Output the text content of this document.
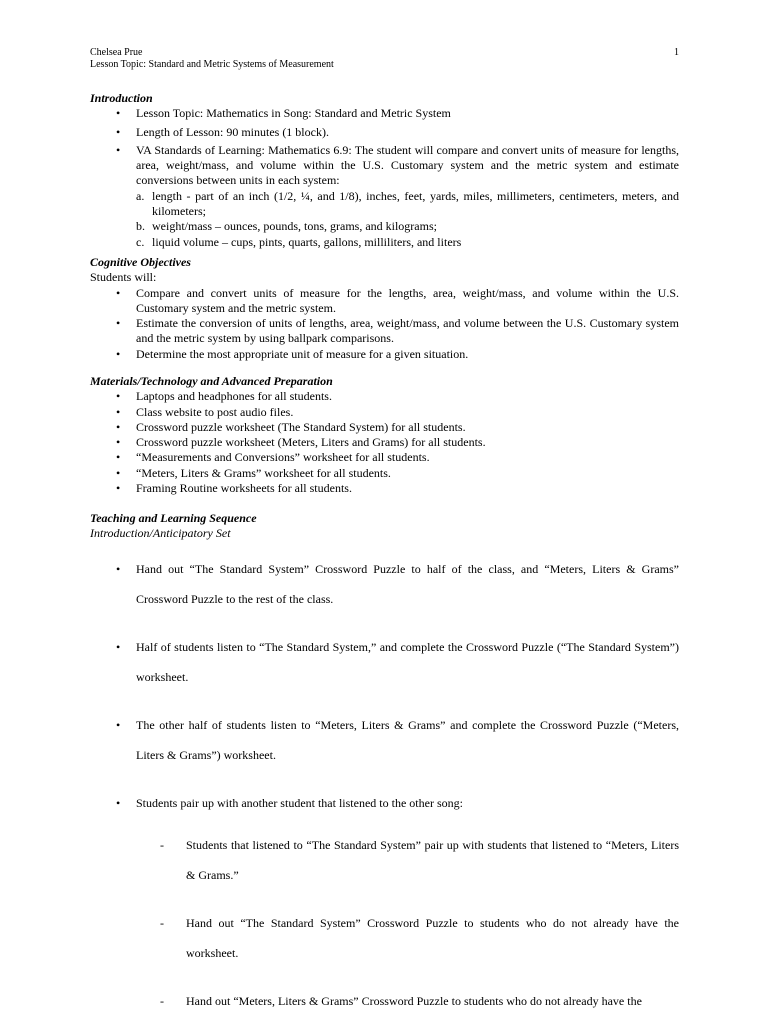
Chelsea Prue	1
Lesson Topic: Standard and Metric Systems of Measurement
Introduction
• Lesson Topic: Mathematics in Song: Standard and Metric System
• Length of Lesson: 90 minutes (1 block).
• VA Standards of Learning: Mathematics 6.9: The student will compare and convert units of measure for lengths, area, weight/mass, and volume within the U.S. Customary system and the metric system and estimate conversions between units in each system:
a. length - part of an inch (1/2, ¼, and 1/8), inches, feet, yards, miles, millimeters, centimeters, meters, and kilometers;
b. weight/mass – ounces, pounds, tons, grams, and kilograms;
c. liquid volume – cups, pints, quarts, gallons, milliliters, and liters
Cognitive Objectives
Students will:
• Compare and convert units of measure for the lengths, area, weight/mass, and volume within the U.S. Customary system and the metric system.
• Estimate the conversion of units of lengths, area, weight/mass, and volume between the U.S. Customary system and the metric system by using ballpark comparisons.
• Determine the most appropriate unit of measure for a given situation.
Materials/Technology and Advanced Preparation
• Laptops and headphones for all students.
• Class website to post audio files.
• Crossword puzzle worksheet (The Standard System) for all students.
• Crossword puzzle worksheet (Meters, Liters and Grams) for all students.
• “Measurements and Conversions” worksheet for all students.
• “Meters, Liters & Grams” worksheet for all students.
• Framing Routine worksheets for all students.
Teaching and Learning Sequence
Introduction/Anticipatory Set
• Hand out “The Standard System” Crossword Puzzle to half of the class, and “Meters, Liters & Grams” Crossword Puzzle to the rest of the class.
• Half of students listen to “The Standard System,” and complete the Crossword Puzzle (“The Standard System”) worksheet.
• The other half of students listen to “Meters, Liters & Grams” and complete the Crossword Puzzle (“Meters, Liters & Grams”) worksheet.
• Students pair up with another student that listened to the other song:
- Students that listened to “The Standard System” pair up with students that listened to “Meters, Liters & Grams.”
- Hand out “The Standard System” Crossword Puzzle to students who do not already have the worksheet.
- Hand out “Meters, Liters & Grams” Crossword Puzzle to students who do not already have the
